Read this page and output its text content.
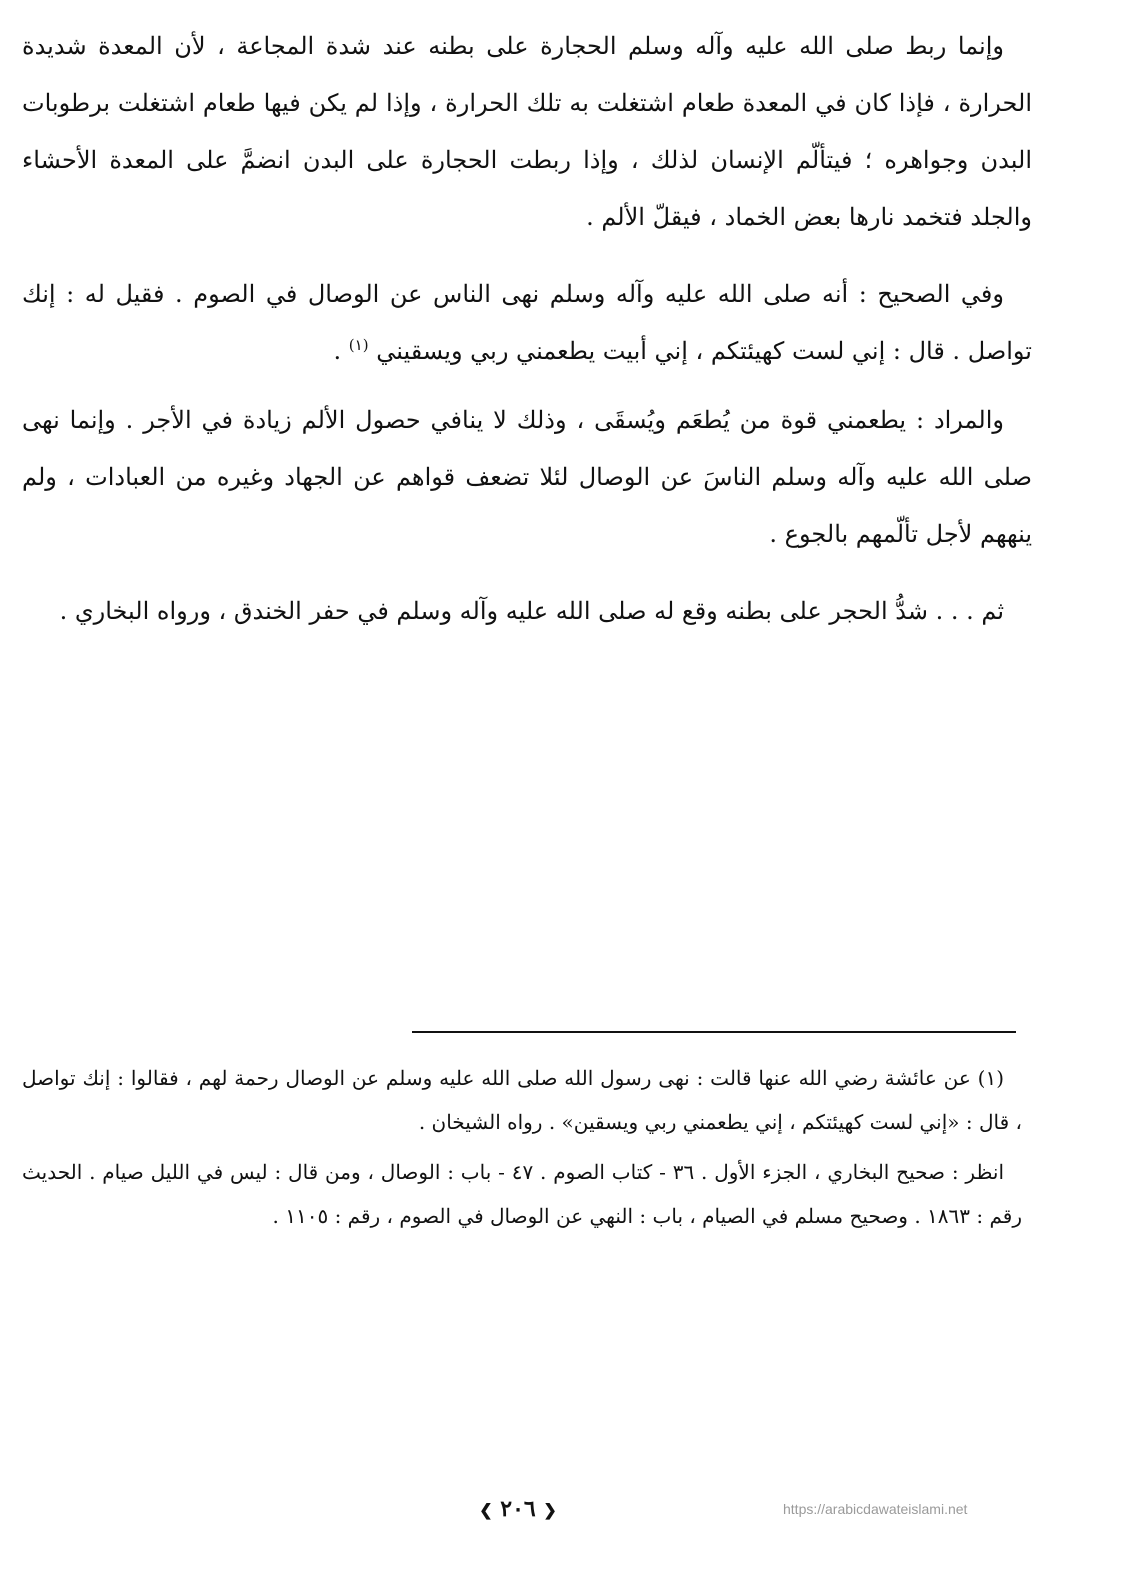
وإنما ربط صلى الله عليه وآله وسلم الحجارة على بطنه عند شدة المجاعة ، لأن المعدة شديدة الحرارة ، فإذا كان في المعدة طعام اشتغلت به تلك الحرارة ، وإذا لم يكن فيها طعام اشتغلت برطوبات البدن وجواهره ؛ فيتألّم الإنسان لذلك ، وإذا ربطت الحجارة على البدن انضمَّ على المعدة الأحشاء والجلد فتخمد نارها بعض الخماد ، فيقلّ الألم .

وفي الصحيح : أنه صلى الله عليه وآله وسلم نهى الناس عن الوصال في الصوم . فقيل له : إنك تواصل . قال : إني لست كهيئتكم ، إني أبيت يطعمني ربي ويسقيني $^{(١)}$ .

والمراد : يطعمني قوة من يُطعَم ويُسقَى ، وذلك لا ينافي حصول الألم زيادة في الأجر . وإنما نهى صلى الله عليه وآله وسلم الناسَ عن الوصال لئلا تضعف قواهم عن الجهاد وغيره من العبادات ، ولم ينههم لأجل تألّمهم بالجوع .

ثم . . . شدُّ الحجر على بطنه وقع له صلى الله عليه وآله وسلم في حفر الخندق ، ورواه البخاري .

(١) عن عائشة رضي الله عنها قالت : نهى رسول الله صلى الله عليه وسلم عن الوصال رحمة لهم ، فقالوا : إنك تواصل ، قال : «إني لست كهيئتكم ، إني يطعمني ربي ويسقين» . رواه الشيخان .

انظر : صحيح البخاري ، الجزء الأول . ٣٦ - كتاب الصوم . ٤٧ - باب : الوصال ، ومن قال : ليس في الليل صيام . الحديث رقم : ١٨٦٣ . وصحيح مسلم في الصيام ، باب : النهي عن الوصال في الصوم ، رقم : ١١٠٥ .

❮ ٢٠٦ ❯	https://arabicdawateislami.net
